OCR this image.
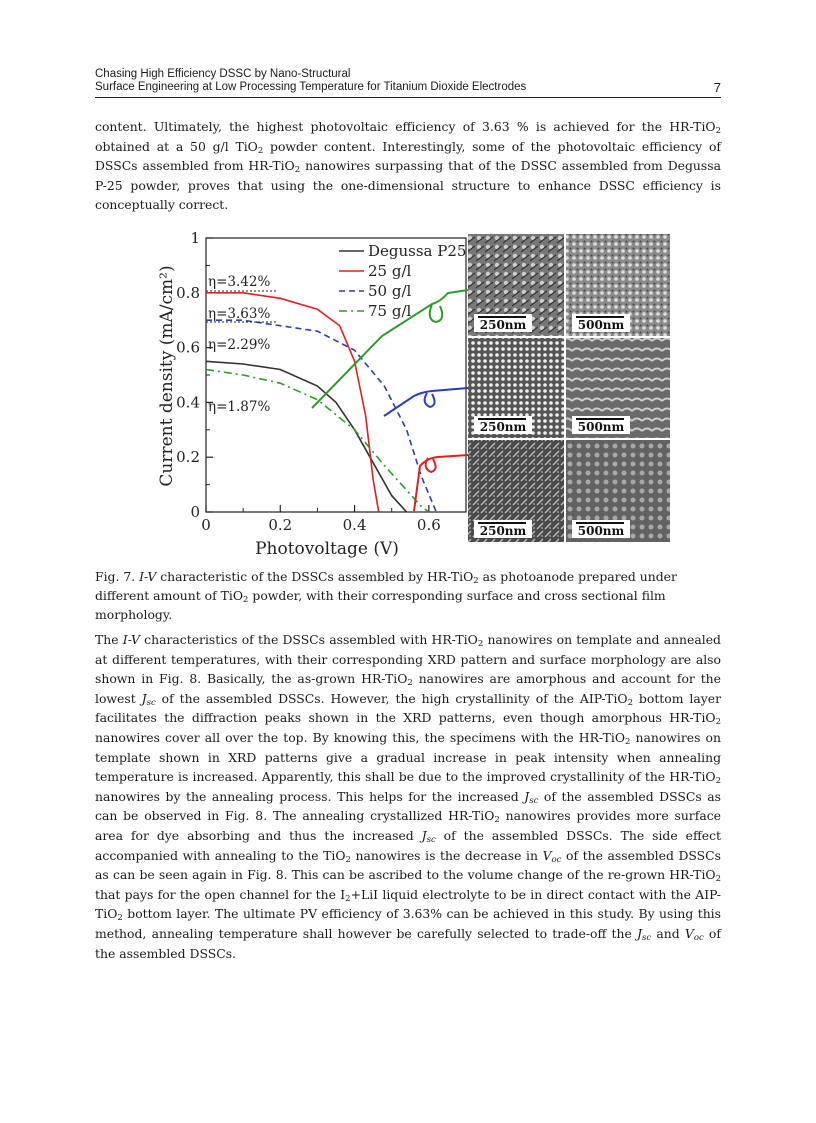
Chasing High Efficiency DSSC by Nano-Structural
Surface Engineering at Low Processing Temperature for Titanium Dioxide Electrodes	7

content. Ultimately, the highest photovoltaic efficiency of 3.63 % is achieved for the HR-TiO$_2$ obtained at a 50 g/l TiO$_2$ powder content. Interestingly, some of the photovoltaic efficiency of DSSCs assembled from HR-TiO$_2$ nanowires surpassing that of the DSSC assembled from Degussa P-25 powder, proves that using the one-dimensional structure to enhance DSSC efficiency is conceptually correct.

0
0.2
0.4
0.6
0.8
1
0	0.2	0.4	0.6
Current density (mA/cm²)
Photovoltage (V)
η=3.42%
η=3.63%
η=2.29%
η=1.87%
Degussa P25
25 g/l
50 g/l
75 g/l
250nm	500nm
250nm	500nm
250nm	500nm

Fig. 7. I-V characteristic of the DSSCs assembled by HR-TiO$_2$ as photoanode prepared under different amount of TiO$_2$ powder, with their corresponding surface and cross sectional film morphology.

The I-V characteristics of the DSSCs assembled with HR-TiO$_2$ nanowires on template and annealed at different temperatures, with their corresponding XRD pattern and surface morphology are also shown in Fig. 8. Basically, the as-grown HR-TiO$_2$ nanowires are amorphous and account for the lowest $J_{sc}$ of the assembled DSSCs. However, the high crystallinity of the AIP-TiO$_2$ bottom layer facilitates the diffraction peaks shown in the XRD patterns, even though amorphous HR-TiO$_2$ nanowires cover all over the top. By knowing this, the specimens with the HR-TiO$_2$ nanowires on template shown in XRD patterns give a gradual increase in peak intensity when annealing temperature is increased. Apparently, this shall be due to the improved crystallinity of the HR-TiO$_2$ nanowires by the annealing process. This helps for the increased $J_{sc}$ of the assembled DSSCs as can be observed in Fig. 8. The annealing crystallized HR-TiO$_2$ nanowires provides more surface area for dye absorbing and thus the increased $J_{sc}$ of the assembled DSSCs. The side effect accompanied with annealing to the TiO$_2$ nanowires is the decrease in $V_{oc}$ of the assembled DSSCs as can be seen again in Fig. 8. This can be ascribed to the volume change of the re-grown HR-TiO$_2$ that pays for the open channel for the $I_2+LiI$ liquid electrolyte to be in direct contact with the AIP-TiO$_2$ bottom layer. The ultimate PV efficiency of 3.63% can be achieved in this study. By using this method, annealing temperature shall however be carefully selected to trade-off the $J_{sc}$ and $V_{oc}$ of the assembled DSSCs.
